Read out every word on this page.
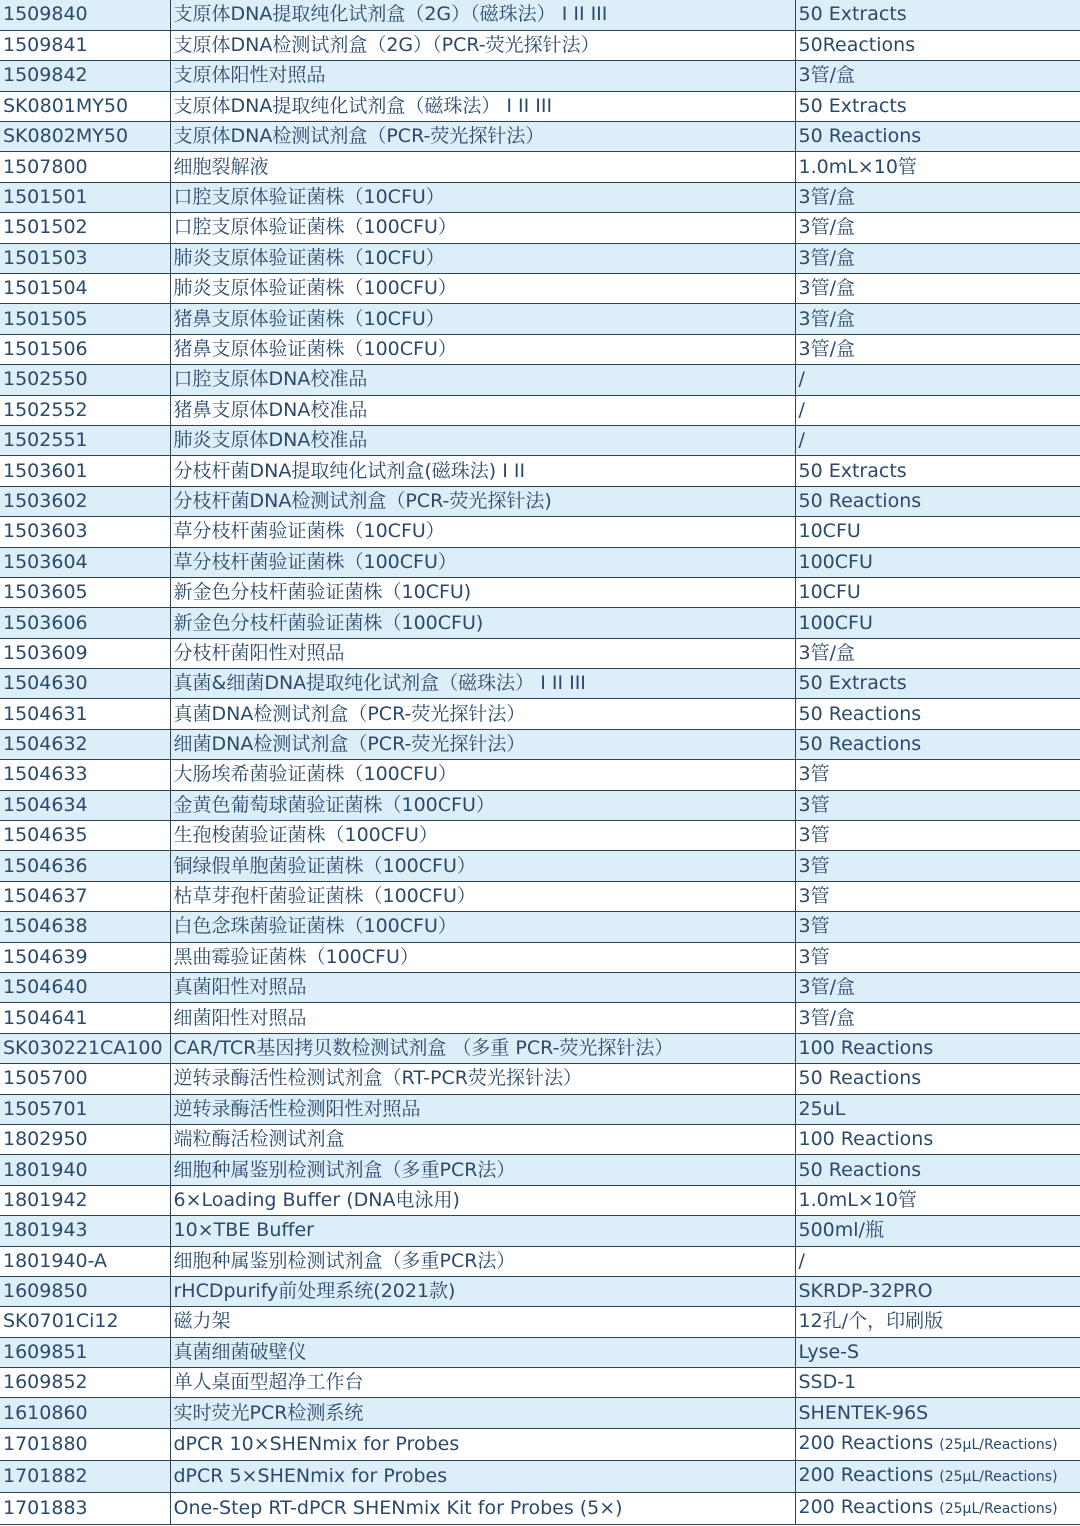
1509840	支原体DNA提取纯化试剂盒（2G）（磁珠法） I II III	50 Extracts
1509841	支原体DNA检测试剂盒（2G）（PCR-荧光探针法）	50Reactions
1509842	支原体阳性对照品	3管/盒
SK0801MY50	支原体DNA提取纯化试剂盒（磁珠法） I II III	50 Extracts
SK0802MY50	支原体DNA检测试剂盒（PCR-荧光探针法）	50 Reactions
1507800	细胞裂解液	1.0mL×10管
1501501	口腔支原体验证菌株（10CFU）	3管/盒
1501502	口腔支原体验证菌株（100CFU）	3管/盒
1501503	肺炎支原体验证菌株（10CFU）	3管/盒
1501504	肺炎支原体验证菌株（100CFU）	3管/盒
1501505	猪鼻支原体验证菌株（10CFU）	3管/盒
1501506	猪鼻支原体验证菌株（100CFU）	3管/盒
1502550	口腔支原体DNA校准品	/
1502552	猪鼻支原体DNA校准品	/
1502551	肺炎支原体DNA校准品	/
1503601	分枝杆菌DNA提取纯化试剂盒(磁珠法) I II	50 Extracts
1503602	分枝杆菌DNA检测试剂盒（PCR-荧光探针法)	50 Reactions
1503603	草分枝杆菌验证菌株（10CFU）	10CFU
1503604	草分枝杆菌验证菌株（100CFU）	100CFU
1503605	新金色分枝杆菌验证菌株（10CFU)	10CFU
1503606	新金色分枝杆菌验证菌株（100CFU)	100CFU
1503609	分枝杆菌阳性对照品	3管/盒
1504630	真菌&细菌DNA提取纯化试剂盒（磁珠法） I II III	50 Extracts
1504631	真菌DNA检测试剂盒（PCR-荧光探针法）	50 Reactions
1504632	细菌DNA检测试剂盒（PCR-荧光探针法）	50 Reactions
1504633	大肠埃希菌验证菌株（100CFU）	3管
1504634	金黄色葡萄球菌验证菌株（100CFU）	3管
1504635	生孢梭菌验证菌株（100CFU）	3管
1504636	铜绿假单胞菌验证菌株（100CFU）	3管
1504637	枯草芽孢杆菌验证菌株（100CFU）	3管
1504638	白色念珠菌验证菌株（100CFU）	3管
1504639	黑曲霉验证菌株（100CFU）	3管
1504640	真菌阳性对照品	3管/盒
1504641	细菌阳性对照品	3管/盒
SK030221CA100	CAR/TCR基因拷贝数检测试剂盒 （多重 PCR-荧光探针法）	100 Reactions
1505700	逆转录酶活性检测试剂盒（RT-PCR荧光探针法）	50 Reactions
1505701	逆转录酶活性检测阳性对照品	25uL
1802950	端粒酶活检测试剂盒	100 Reactions
1801940	细胞种属鉴别检测试剂盒（多重PCR法）	50 Reactions
1801942	6×Loading Buffer (DNA电泳用)	1.0mL×10管
1801943	10×TBE Buffer	500ml/瓶
1801940-A	细胞种属鉴别检测试剂盒（多重PCR法）	/
1609850	rHCDpurify前处理系统(2021款)	SKRDP-32PRO
SK0701Ci12	磁力架	12孔/个，印刷版
1609851	真菌细菌破壁仪	Lyse-S
1609852	单人桌面型超净工作台	SSD-1
1610860	实时荧光PCR检测系统	SHENTEK-96S
1701880	dPCR 10×SHENmix for Probes	200 Reactions (25μL/Reactions)
1701882	dPCR 5×SHENmix for Probes	200 Reactions (25μL/Reactions)
1701883	One-Step RT-dPCR SHENmix Kit for Probes (5×)	200 Reactions (25μL/Reactions)
